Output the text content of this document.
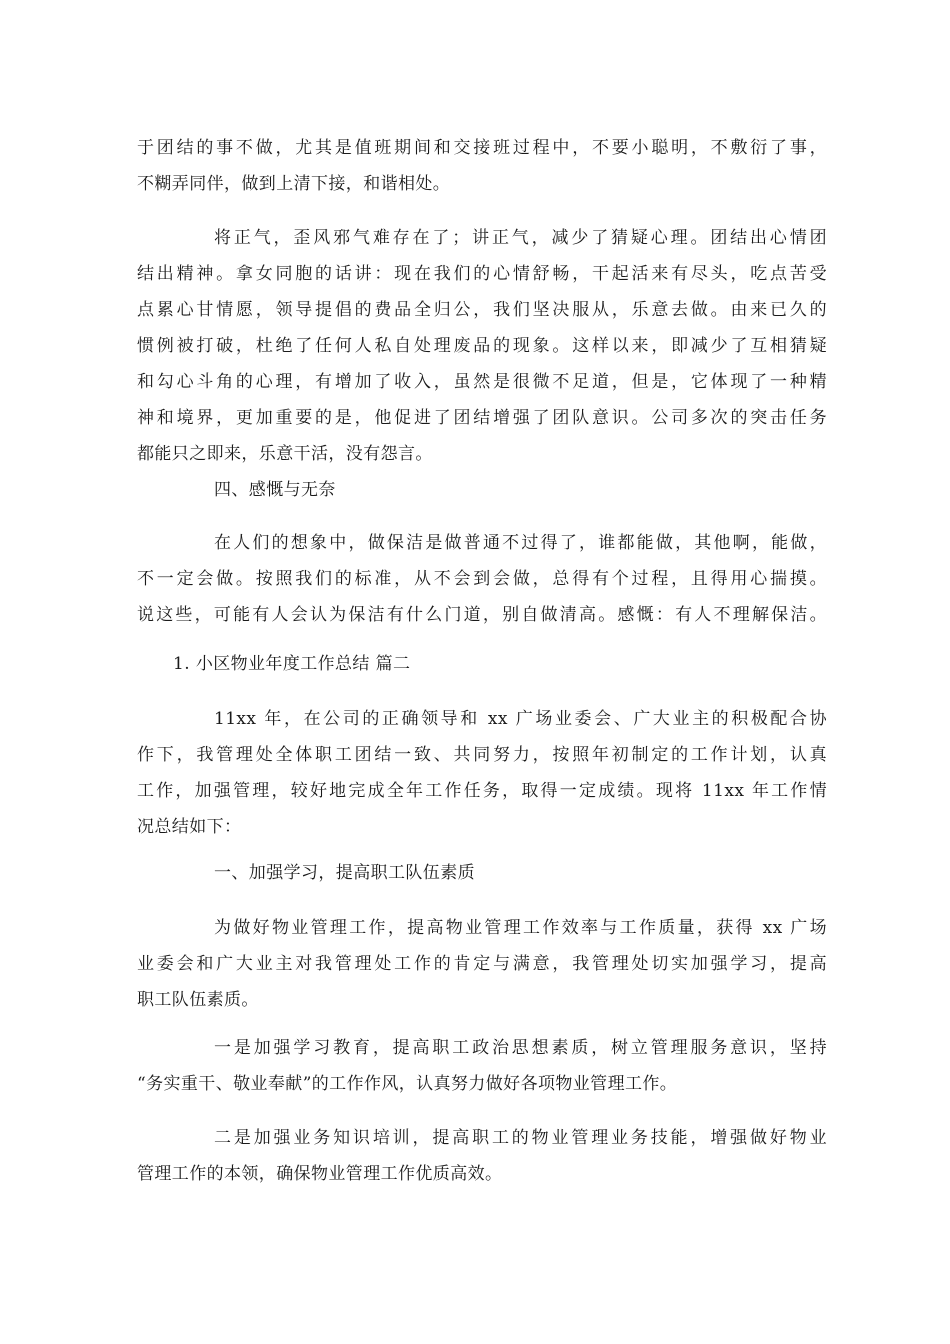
于团结的事不做，尤其是值班期间和交接班过程中，不要小聪明，不敷衍了事，
不糊弄同伴，做到上清下接，和谐相处。
将正气，歪风邪气难存在了；讲正气，减少了猜疑心理。团结出心情团
结出精神。拿女同胞的话讲：现在我们的心情舒畅，干起活来有尽头，吃点苦受
点累心甘情愿，领导提倡的费品全归公，我们坚决服从，乐意去做。由来已久的
惯例被打破，杜绝了任何人私自处理废品的现象。这样以来，即减少了互相猜疑
和勾心斗角的心理，有增加了收入，虽然是很微不足道，但是，它体现了一种精
神和境界，更加重要的是，他促进了团结增强了团队意识。公司多次的突击任务
都能只之即来，乐意干活，没有怨言。
四、感慨与无奈
在人们的想象中，做保洁是做普通不过得了，谁都能做，其他啊，能做，
不一定会做。按照我们的标准，从不会到会做，总得有个过程，且得用心揣摸。
说这些，可能有人会认为保洁有什么门道，别自做清高。感慨：有人不理解保洁。
1. 小区物业年度工作总结 篇二
11xx 年，在公司的正确领导和 xx 广场业委会、广大业主的积极配合协
作下，我管理处全体职工团结一致、共同努力，按照年初制定的工作计划，认真
工作，加强管理，较好地完成全年工作任务，取得一定成绩。现将 11xx 年工作情
况总结如下：
一、加强学习，提高职工队伍素质
为做好物业管理工作，提高物业管理工作效率与工作质量，获得 xx 广场
业委会和广大业主对我管理处工作的肯定与满意，我管理处切实加强学习，提高
职工队伍素质。
一是加强学习教育，提高职工政治思想素质，树立管理服务意识，坚持
“务实重干、敬业奉献”的工作作风，认真努力做好各项物业管理工作。
二是加强业务知识培训，提高职工的物业管理业务技能，增强做好物业
管理工作的本领，确保物业管理工作优质高效。
